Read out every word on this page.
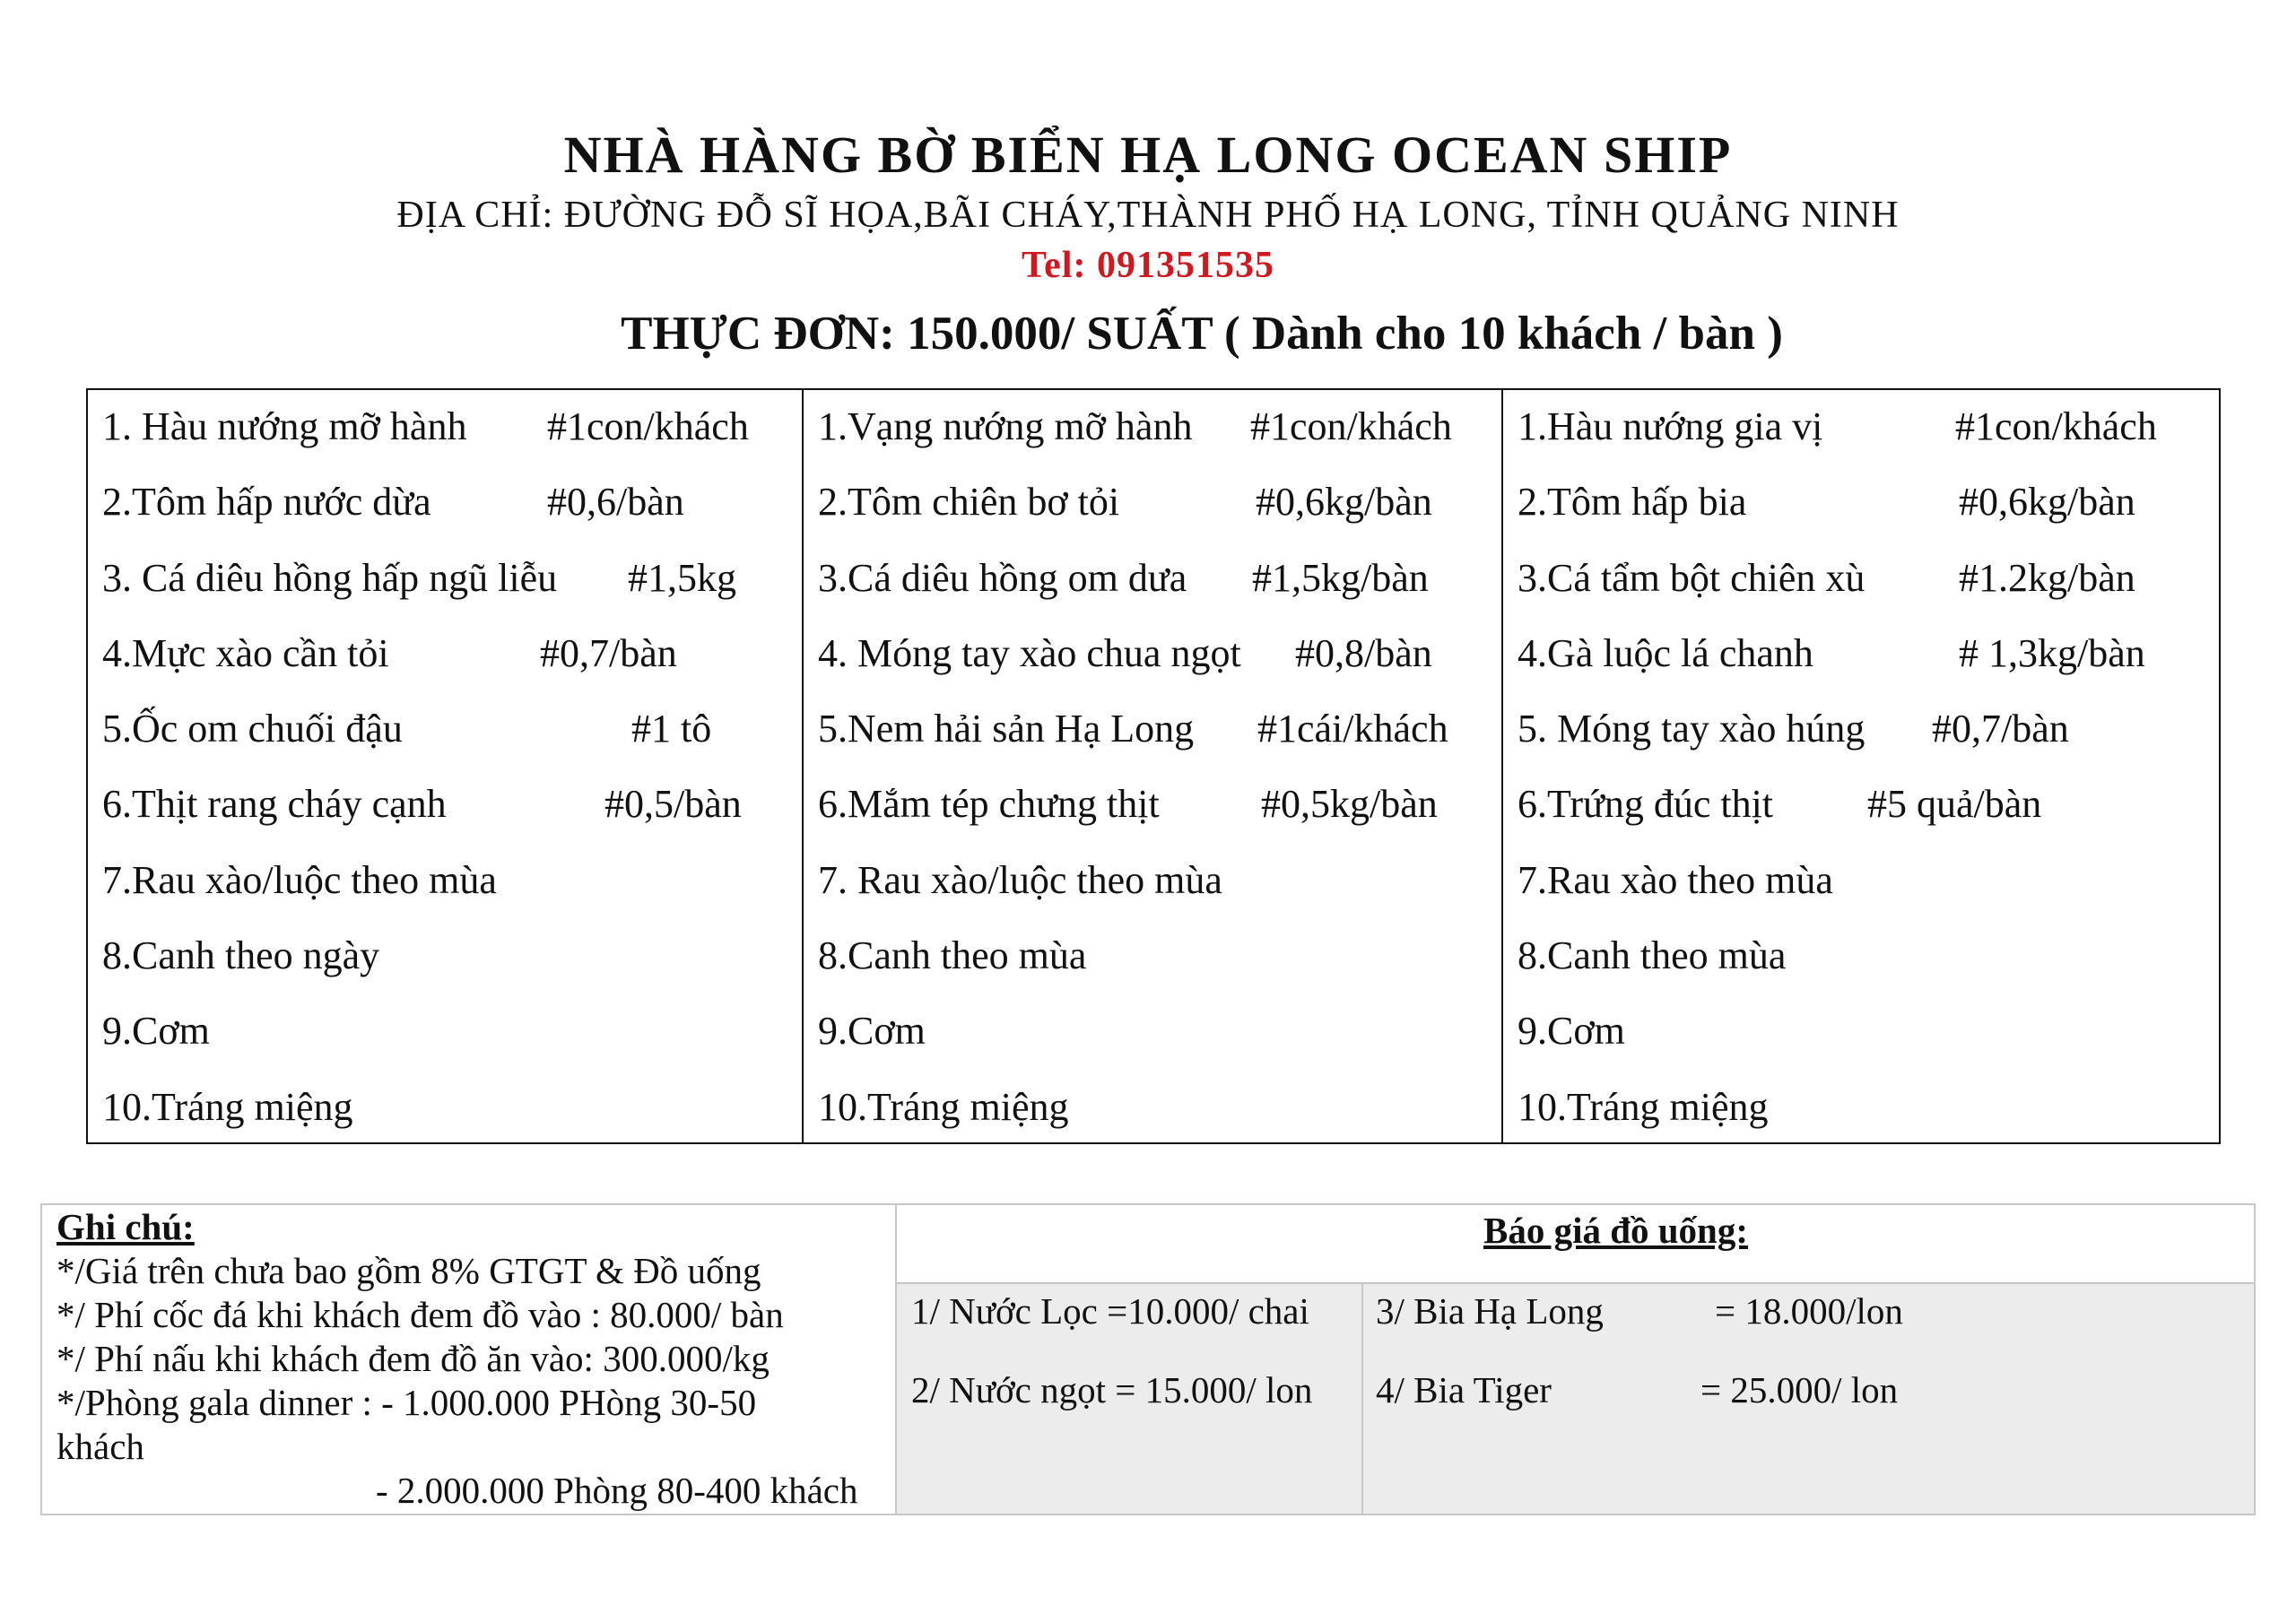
NHÀ HÀNG BỜ BIỂN HẠ LONG OCEAN SHIP
ĐỊA CHỈ: ĐƯỜNG ĐỖ SĨ HỌA,BÃI CHÁY,THÀNH PHỐ HẠ LONG, TỈNH QUẢNG NINH
Tel: 091351535
THỰC ĐƠN: 150.000/ SUẤT ( Dành cho 10 khách / bàn )
1. Hàu nướng mỡ hành #1con/khách
2.Tôm hấp nước dừa	#0,6/bàn
3. Cá diêu hồng hấp ngũ liễu #1,5kg
4.Mực xào cần tỏi	#0,7/bàn
5.Ốc om chuối đậu	#1 tô
6.Thịt rang cháy cạnh	#0,5/bàn
7.Rau xào/luộc theo mùa
8.Canh theo ngày
9.Cơm
10.Tráng miệng
1.Vạng nướng mỡ hành #1con/khách
2.Tôm chiên bơ tỏi	#0,6kg/bàn
3.Cá diêu hồng om dưa #1,5kg/bàn
4. Móng tay xào chua ngọt #0,8/bàn
5.Nem hải sản Hạ Long #1cái/khách
6.Mắm tép chưng thịt	#0,5kg/bàn
7. Rau xào/luộc theo mùa
8.Canh theo mùa
9.Cơm
10.Tráng miệng
1.Hàu nướng gia vị	#1con/khách
2.Tôm hấp bia	#0,6kg/bàn
3.Cá tẩm bột chiên xù #1.2kg/bàn
4.Gà luộc lá chanh	# 1,3kg/bàn
5. Móng tay xào húng #0,7/bàn
6.Trứng đúc thịt #5 quả/bàn
7.Rau xào theo mùa
8.Canh theo mùa
9.Cơm
10.Tráng miệng
Ghi chú:
*/Giá trên chưa bao gồm 8% GTGT & Đồ uống
*/ Phí cốc đá khi khách đem đồ vào : 80.000/ bàn
*/ Phí nấu khi khách đem đồ ăn vào: 300.000/kg
*/Phòng gala dinner : - 1.000.000 PHòng 30-50
khách
- 2.000.000 Phòng 80-400 khách
Báo giá đồ uống:
1/ Nước Lọc =10.000/ chai
2/ Nước ngọt = 15.000/ lon
3/ Bia Hạ Long	= 18.000/lon
4/ Bia Tiger	= 25.000/ lon
